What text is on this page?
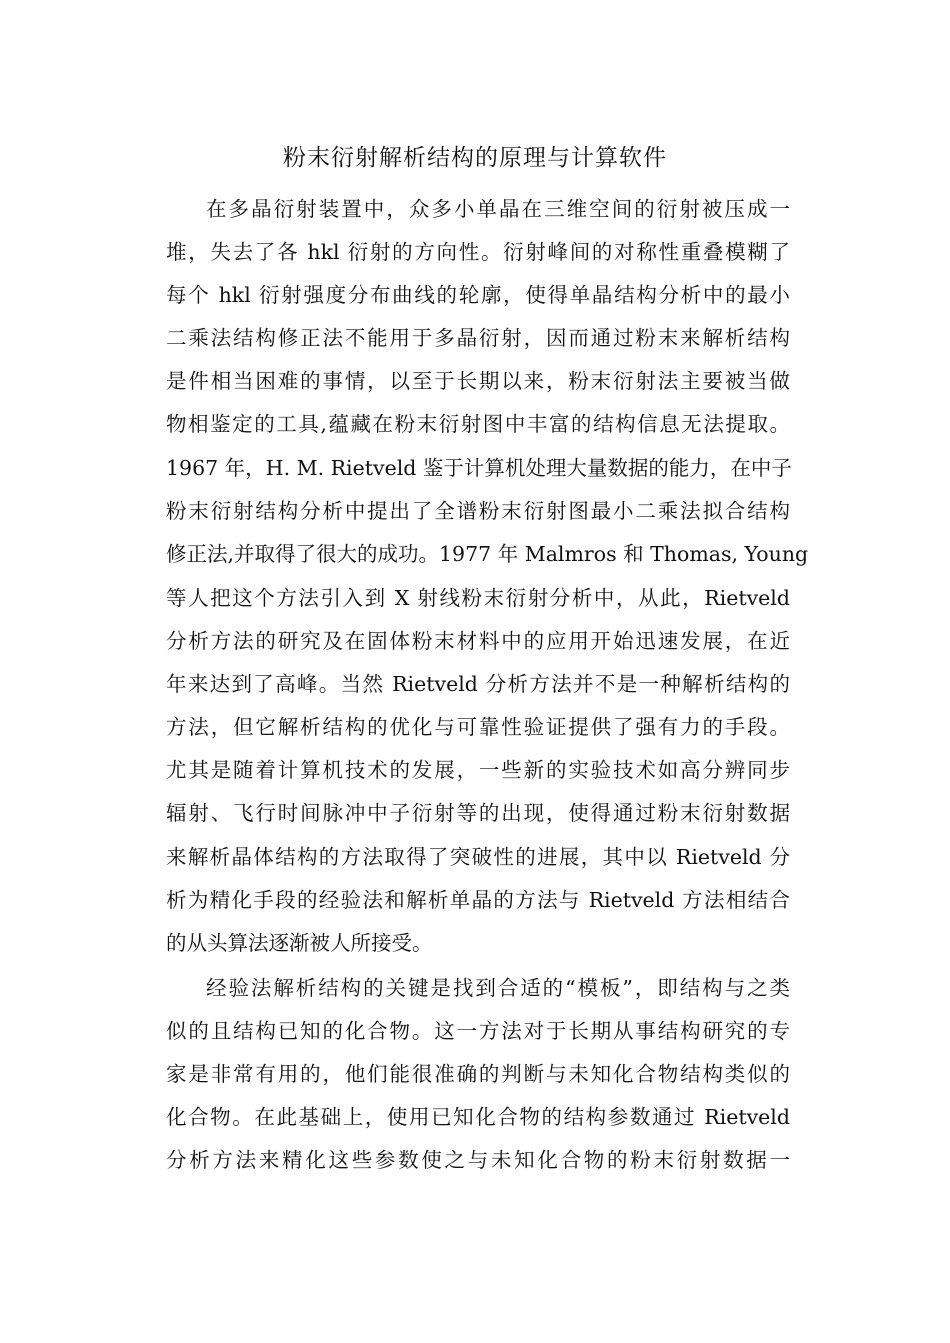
粉末衍射解析结构的原理与计算软件
在多晶衍射装置中，众多小单晶在三维空间的衍射被压成一
堆，失去了各 hkl 衍射的方向性。衍射峰间的对称性重叠模糊了
每个 hkl 衍射强度分布曲线的轮廓，使得单晶结构分析中的最小
二乘法结构修正法不能用于多晶衍射，因而通过粉末来解析结构
是件相当困难的事情，以至于长期以来，粉末衍射法主要被当做
物相鉴定的工具,蕴藏在粉末衍射图中丰富的结构信息无法提取。
1967 年，H. M. Rietveld 鉴于计算机处理大量数据的能力，在中子
粉末衍射结构分析中提出了全谱粉末衍射图最小二乘法拟合结构
修正法,并取得了很大的成功。1977 年 Malmros 和 Thomas, Young
等人把这个方法引入到 X 射线粉末衍射分析中，从此，Rietveld
分析方法的研究及在固体粉末材料中的应用开始迅速发展，在近
年来达到了高峰。当然 Rietveld 分析方法并不是一种解析结构的
方法，但它解析结构的优化与可靠性验证提供了强有力的手段。
尤其是随着计算机技术的发展，一些新的实验技术如高分辨同步
辐射、飞行时间脉冲中子衍射等的出现，使得通过粉末衍射数据
来解析晶体结构的方法取得了突破性的进展，其中以 Rietveld 分
析为精化手段的经验法和解析单晶的方法与 Rietveld 方法相结合
的从头算法逐渐被人所接受。
经验法解析结构的关键是找到合适的“模板”，即结构与之类
似的且结构已知的化合物。这一方法对于长期从事结构研究的专
家是非常有用的，他们能很准确的判断与未知化合物结构类似的
化合物。在此基础上，使用已知化合物的结构参数通过 Rietveld
分析方法来精化这些参数使之与未知化合物的粉末衍射数据一
